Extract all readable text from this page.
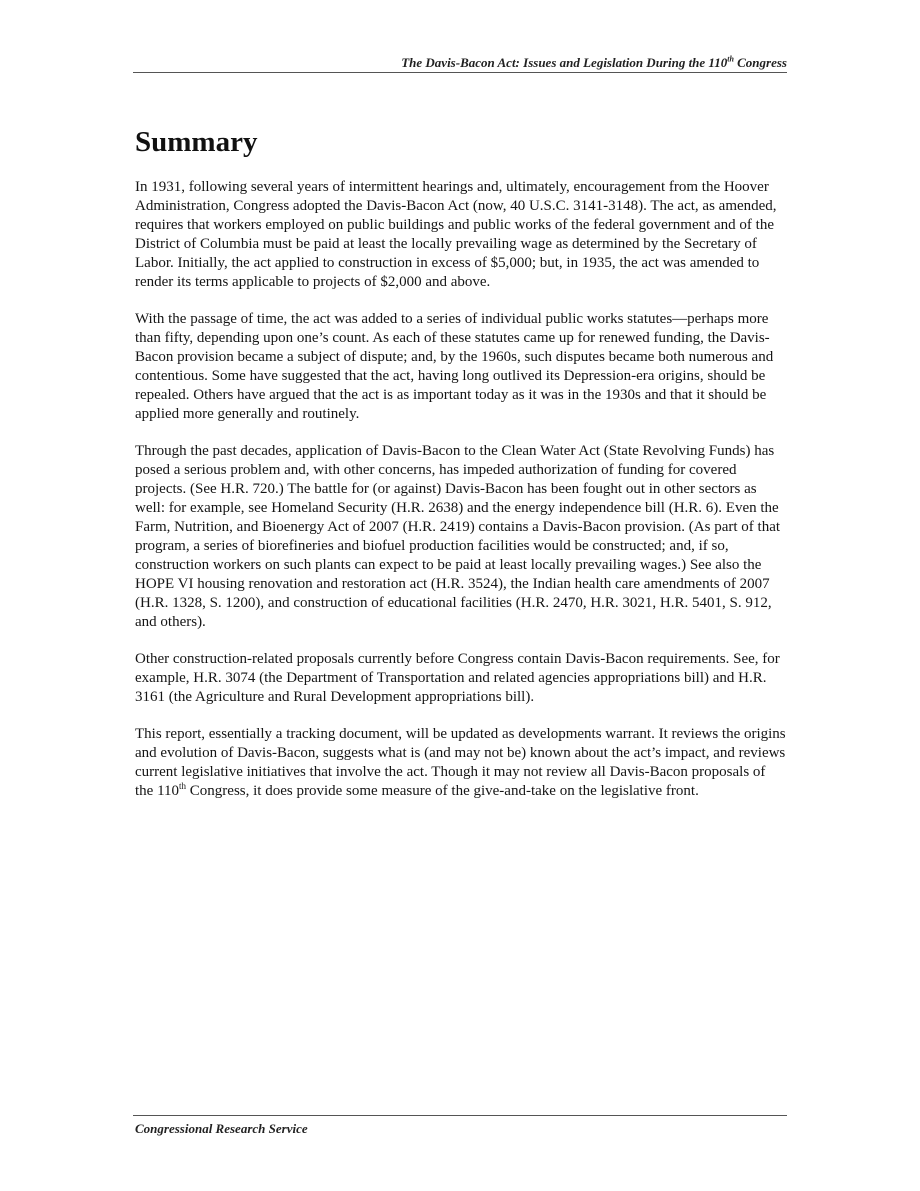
The Davis-Bacon Act: Issues and Legislation During the 110th Congress
Summary

In 1931, following several years of intermittent hearings and, ultimately, encouragement from the Hoover Administration, Congress adopted the Davis-Bacon Act (now, 40 U.S.C. 3141-3148). The act, as amended, requires that workers employed on public buildings and public works of the federal government and of the District of Columbia must be paid at least the locally prevailing wage as determined by the Secretary of Labor. Initially, the act applied to construction in excess of $5,000; but, in 1935, the act was amended to render its terms applicable to projects of $2,000 and above.

With the passage of time, the act was added to a series of individual public works statutes—perhaps more than fifty, depending upon one’s count. As each of these statutes came up for renewed funding, the Davis-Bacon provision became a subject of dispute; and, by the 1960s, such disputes became both numerous and contentious. Some have suggested that the act, having long outlived its Depression-era origins, should be repealed. Others have argued that the act is as important today as it was in the 1930s and that it should be applied more generally and routinely.

Through the past decades, application of Davis-Bacon to the Clean Water Act (State Revolving Funds) has posed a serious problem and, with other concerns, has impeded authorization of funding for covered projects. (See H.R. 720.) The battle for (or against) Davis-Bacon has been fought out in other sectors as well: for example, see Homeland Security (H.R. 2638) and the energy independence bill (H.R. 6). Even the Farm, Nutrition, and Bioenergy Act of 2007 (H.R. 2419) contains a Davis-Bacon provision. (As part of that program, a series of biorefineries and biofuel production facilities would be constructed; and, if so, construction workers on such plants can expect to be paid at least locally prevailing wages.) See also the HOPE VI housing renovation and restoration act (H.R. 3524), the Indian health care amendments of 2007 (H.R. 1328, S. 1200), and construction of educational facilities (H.R. 2470, H.R. 3021, H.R. 5401, S. 912, and others).

Other construction-related proposals currently before Congress contain Davis-Bacon requirements. See, for example, H.R. 3074 (the Department of Transportation and related agencies appropriations bill) and H.R. 3161 (the Agriculture and Rural Development appropriations bill).

This report, essentially a tracking document, will be updated as developments warrant. It reviews the origins and evolution of Davis-Bacon, suggests what is (and may not be) known about the act’s impact, and reviews current legislative initiatives that involve the act. Though it may not review all Davis-Bacon proposals of the 110th Congress, it does provide some measure of the give-and-take on the legislative front.

Congressional Research Service
